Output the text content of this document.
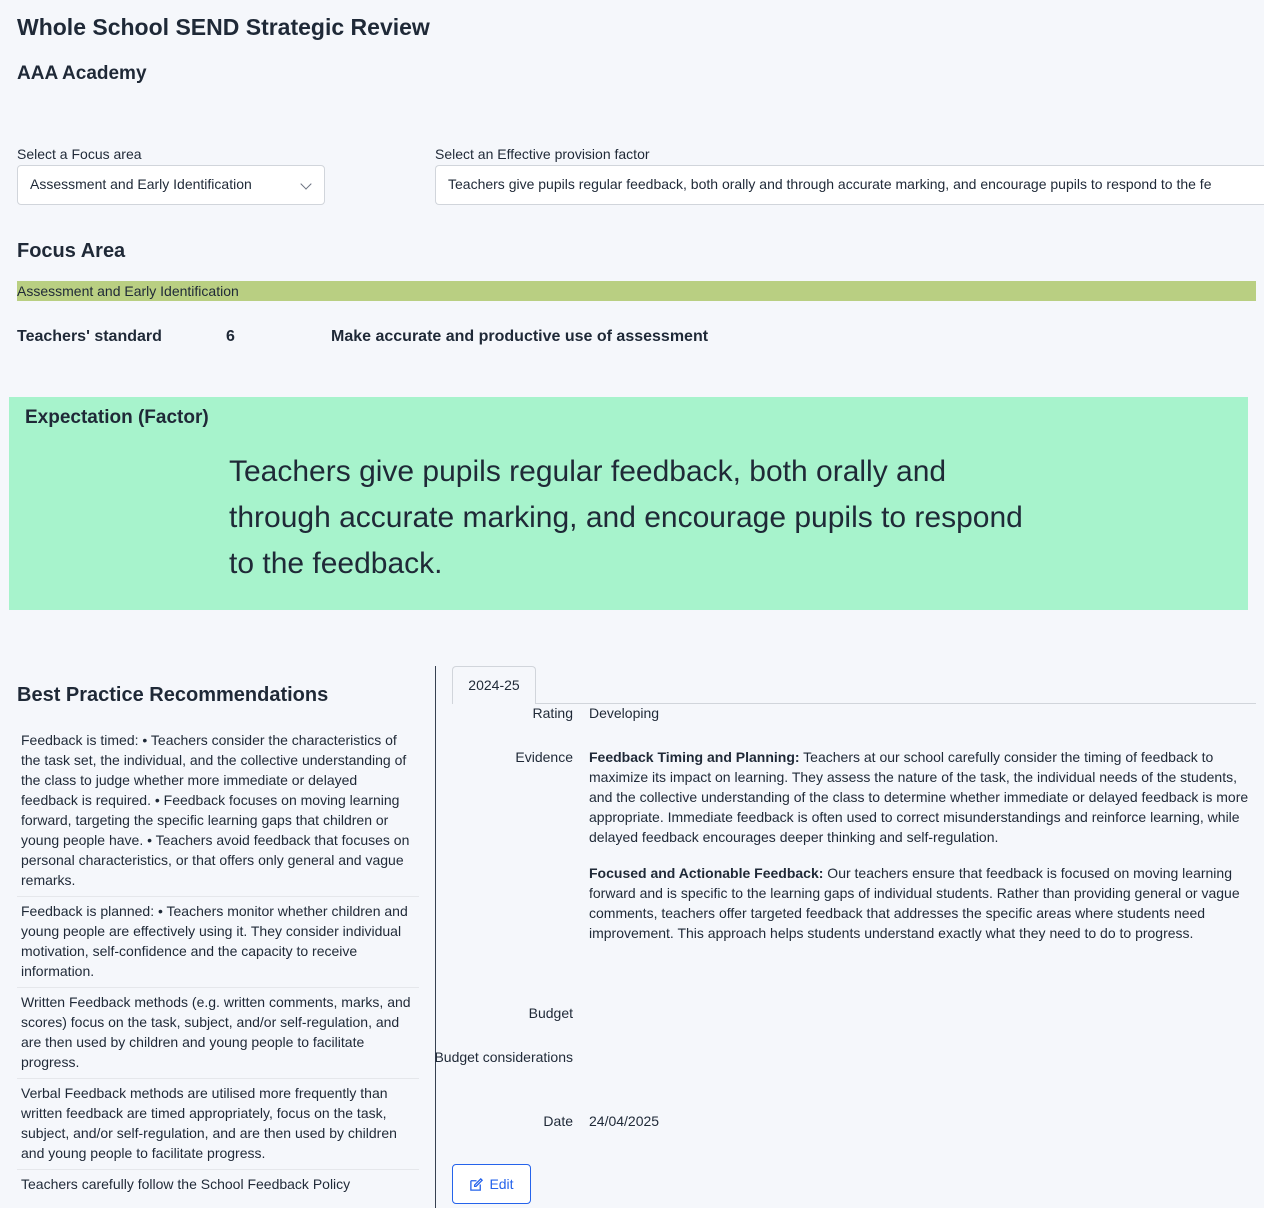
Whole School SEND Strategic Review
AAA Academy
Select a Focus area
Assessment and Early Identification
Select an Effective provision factor
Teachers give pupils regular feedback, both orally and through accurate marking, and encourage pupils to respond to the fe
Focus Area
Assessment and Early Identification
Teachers' standard	6	Make accurate and productive use of assessment
Expectation (Factor)
Teachers give pupils regular feedback, both orally and through accurate marking, and encourage pupils to respond to the feedback.
Best Practice Recommendations
Feedback is timed: • Teachers consider the characteristics of the task set, the individual, and the collective understanding of the class to judge whether more immediate or delayed feedback is required. • Feedback focuses on moving learning forward, targeting the specific learning gaps that children or young people have. • Teachers avoid feedback that focuses on personal characteristics, or that offers only general and vague remarks.
Feedback is planned: • Teachers monitor whether children and young people are effectively using it. They consider individual motivation, self-confidence and the capacity to receive information.
Written Feedback methods (e.g. written comments, marks, and scores) focus on the task, subject, and/or self-regulation, and are then used by children and young people to facilitate progress.
Verbal Feedback methods are utilised more frequently than written feedback are timed appropriately, focus on the task, subject, and/or self-regulation, and are then used by children and young people to facilitate progress.
Teachers carefully follow the School Feedback Policy
2024-25
Rating Developing
Evidence Feedback Timing and Planning: Teachers at our school carefully consider the timing of feedback to maximize its impact on learning. They assess the nature of the task, the individual needs of the students, and the collective understanding of the class to determine whether immediate or delayed feedback is more appropriate. Immediate feedback is often used to correct misunderstandings and reinforce learning, while delayed feedback encourages deeper thinking and self-regulation.

Focused and Actionable Feedback: Our teachers ensure that feedback is focused on moving learning forward and is specific to the learning gaps of individual students. Rather than providing general or vague comments, teachers offer targeted feedback that addresses the specific areas where students need improvement. This approach helps students understand exactly what they need to do to progress.

Budget
Budget considerations
Date 24/04/2025
Edit
